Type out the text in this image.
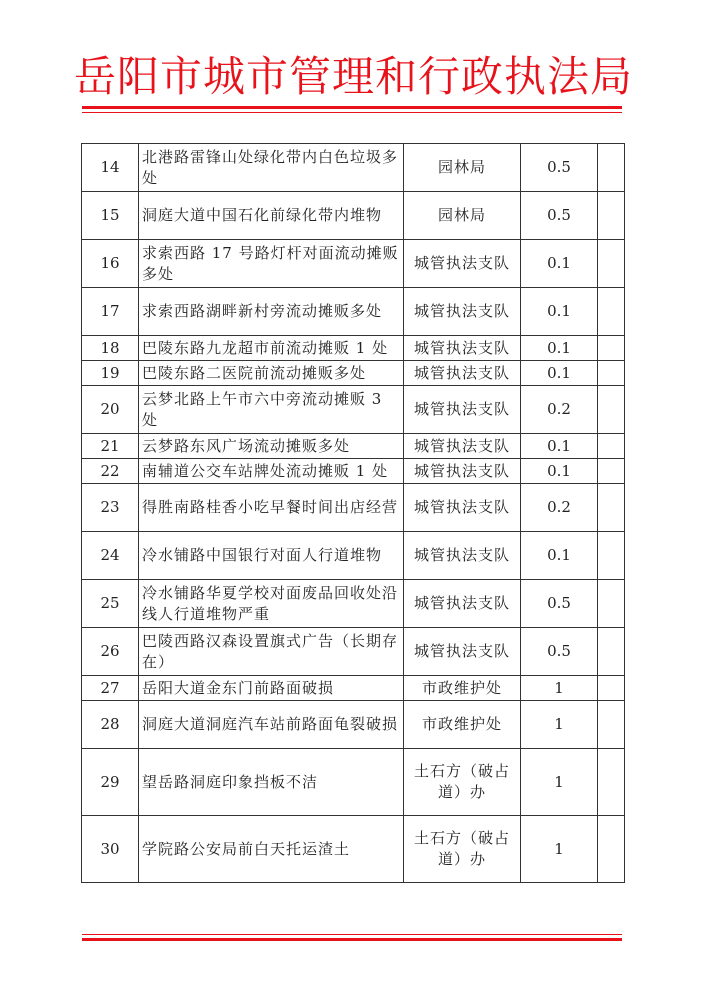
岳阳市城市管理和行政执法局
14	北港路雷锋山处绿化带内白色垃圾多处	园林局	0.5	
15	洞庭大道中国石化前绿化带内堆物	园林局	0.5	
16	求索西路 17 号路灯杆对面流动摊贩多处	城管执法支队	0.1	
17	求索西路湖畔新村旁流动摊贩多处	城管执法支队	0.1	
18	巴陵东路九龙超市前流动摊贩 1 处	城管执法支队	0.1	
19	巴陵东路二医院前流动摊贩多处	城管执法支队	0.1	
20	云梦北路上午市六中旁流动摊贩 3 处	城管执法支队	0.2	
21	云梦路东风广场流动摊贩多处	城管执法支队	0.1	
22	南辅道公交车站牌处流动摊贩 1 处	城管执法支队	0.1	
23	得胜南路桂香小吃早餐时间出店经营	城管执法支队	0.2	
24	冷水铺路中国银行对面人行道堆物	城管执法支队	0.1	
25	冷水铺路华夏学校对面废品回收处沿线人行道堆物严重	城管执法支队	0.5	
26	巴陵西路汉森设置旗式广告（长期存在）	城管执法支队	0.5	
27	岳阳大道金东门前路面破损	市政维护处	1	
28	洞庭大道洞庭汽车站前路面龟裂破损	市政维护处	1	
29	望岳路洞庭印象挡板不洁	土石方（破占道）办	1	
30	学院路公安局前白天托运渣土	土石方（破占道）办	1	
